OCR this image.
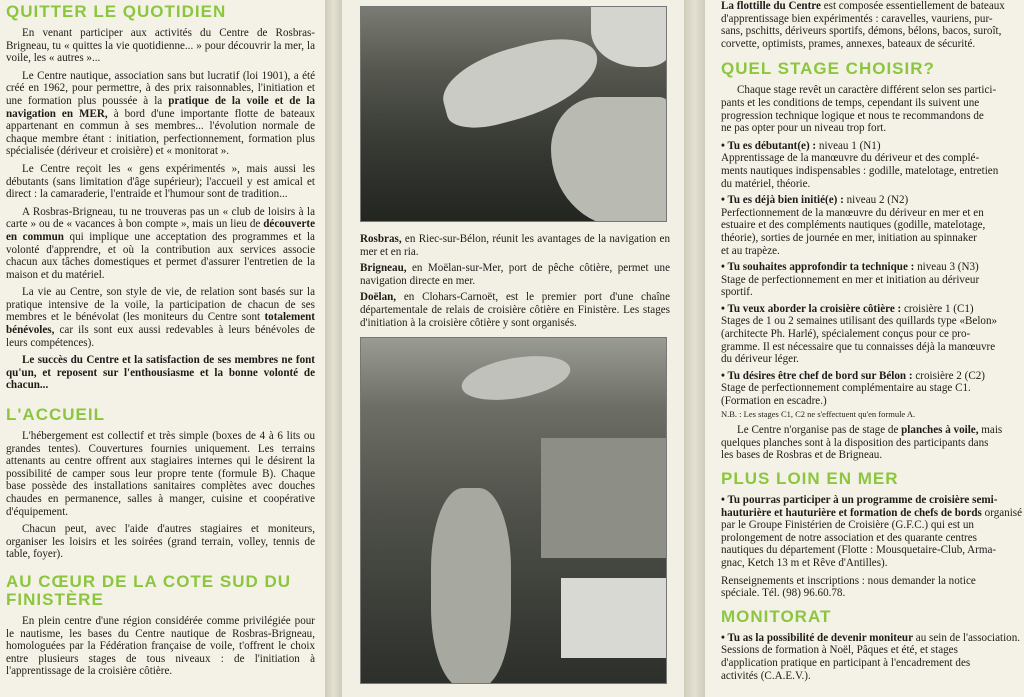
QUITTER LE QUOTIDIEN

En venant participer aux activités du Centre de Rosbras-Brigneau, tu « quittes la vie quotidienne... » pour découvrir la mer, la voile, les « autres »...

Le Centre nautique, association sans but lucratif (loi 1901), a été créé en 1962, pour permettre, à des prix raisonnables, l'initiation et une formation plus poussée à la pratique de la voile et de la navigation en MER, à bord d'une importante flotte de bateaux appartenant en commun à ses membres... l'évolution normale de chaque membre étant : initiation, perfectionnement, formation plus spécialisée (dériveur et croisière) et « monitorat ».

Le Centre reçoit les « gens expérimentés », mais aussi les débutants (sans limitation d'âge supérieur); l'accueil y est amical et direct : la camaraderie, l'entraide et l'humour sont de tradition...

A Rosbras-Brigneau, tu ne trouveras pas un « club de loisirs à la carte » ou de « vacances à bon compte », mais un lieu de découverte en commun qui implique une acceptation des programmes et la volonté d'apprendre, et où la contribution aux services associe chacun aux tâches domestiques et permet d'assurer l'entretien de la maison et du matériel.

La vie au Centre, son style de vie, de relation sont basés sur la pratique intensive de la voile, la participation de chacun de ses membres et le bénévolat (les moniteurs du Centre sont totalement bénévoles, car ils sont eux aussi redevables à leurs bénévoles de leurs compétences).

Le succès du Centre et la satisfaction de ses membres ne font qu'un, et reposent sur l'enthousiasme et la bonne volonté de chacun...

L'ACCUEIL

L'hébergement est collectif et très simple (boxes de 4 à 6 lits ou grandes tentes). Couvertures fournies uniquement. Les terrains attenants au centre offrent aux stagiaires internes qui le désirent la possibilité de camper sous leur propre tente (formule B). Chaque base possède des installations sanitaires complètes avec douches chaudes en permanence, salles à manger, cuisine et coopérative d'équipement.

Chacun peut, avec l'aide d'autres stagiaires et moniteurs, organiser les loisirs et les soirées (grand terrain, volley, tennis de table, foyer).

AU CŒUR DE LA COTE SUD DU FINISTÈRE

En plein centre d'une région considérée comme privilégiée pour le nautisme, les bases du Centre nautique de Rosbras-Brigneau, homologuées par la Fédération française de voile, t'offrent le choix entre plusieurs stages de tous niveaux : de l'initiation à l'apprentissage de la croisière côtière.

Rosbras, en Riec-sur-Bélon, réunit les avantages de la navigation en mer et en ria.

Brigneau, en Moëlan-sur-Mer, port de pêche côtière, permet une navigation directe en mer.

Doëlan, en Clohars-Carnoët, est le premier port d'une chaîne départementale de relais de croisière côtière en Finistère. Les stages d'initiation à la croisière côtière y sont organisés.

La flottille du Centre est composée essentiellement de bateaux
d'apprentissage bien expérimentés : caravelles, vauriens, pur-
sans, pschitts, dériveurs sportifs, démons, bélons, bacos, suroît,
corvette, optimists, prames, annexes, bateaux de sécurité.

QUEL STAGE CHOISIR?

Chaque stage revêt un caractère différent selon ses partici-
pants et les conditions de temps, cependant ils suivent une
progression technique logique et nous te recommandons de
ne pas opter pour un niveau trop fort.

• Tu es débutant(e) : niveau 1 (N1)
Apprentissage de la manœuvre du dériveur et des complé-
ments nautiques indispensables : godille, matelotage, entretien
du matériel, théorie.

• Tu es déjà bien initié(e) : niveau 2 (N2)
Perfectionnement de la manœuvre du dériveur en mer et en
estuaire et des compléments nautiques (godille, matelotage,
théorie), sorties de journée en mer, initiation au spinnaker
et au trapèze.

• Tu souhaites approfondir ta technique : niveau 3 (N3)
Stage de perfectionnement en mer et initiation au dériveur
sportif.

• Tu veux aborder la croisière côtière : croisière 1 (C1)
Stages de 1 ou 2 semaines utilisant des quillards type «Belon»
(architecte Ph. Harlé), spécialement conçus pour ce pro-
gramme. Il est nécessaire que tu connaisses déjà la manœuvre
du dériveur léger.

• Tu désires être chef de bord sur Bélon : croisière 2 (C2)
Stage de perfectionnement complémentaire au stage C1.
(Formation en escadre.)
N.B. : Les stages C1, C2 ne s'effectuent qu'en formule A.

Le Centre n'organise pas de stage de planches à voile, mais
quelques planches sont à la disposition des participants dans
les bases de Rosbras et de Brigneau.

PLUS LOIN EN MER

• Tu pourras participer à un programme de croisière semi-
hauturière et hauturière et formation de chefs de bords organisé
par le Groupe Finistérien de Croisière (G.F.C.) qui est un
prolongement de notre association et des quarante centres
nautiques du département (Flotte : Mousquetaire-Club, Arma-
gnac, Ketch 13 m et Rêve d'Antilles).

Renseignements et inscriptions : nous demander la notice
spéciale. Tél. (98) 96.60.78.

MONITORAT

• Tu as la possibilité de devenir moniteur au sein de l'association.
Sessions de formation à Noël, Pâques et été, et stages
d'application pratique en participant à l'encadrement des
activités (C.A.E.V.).
